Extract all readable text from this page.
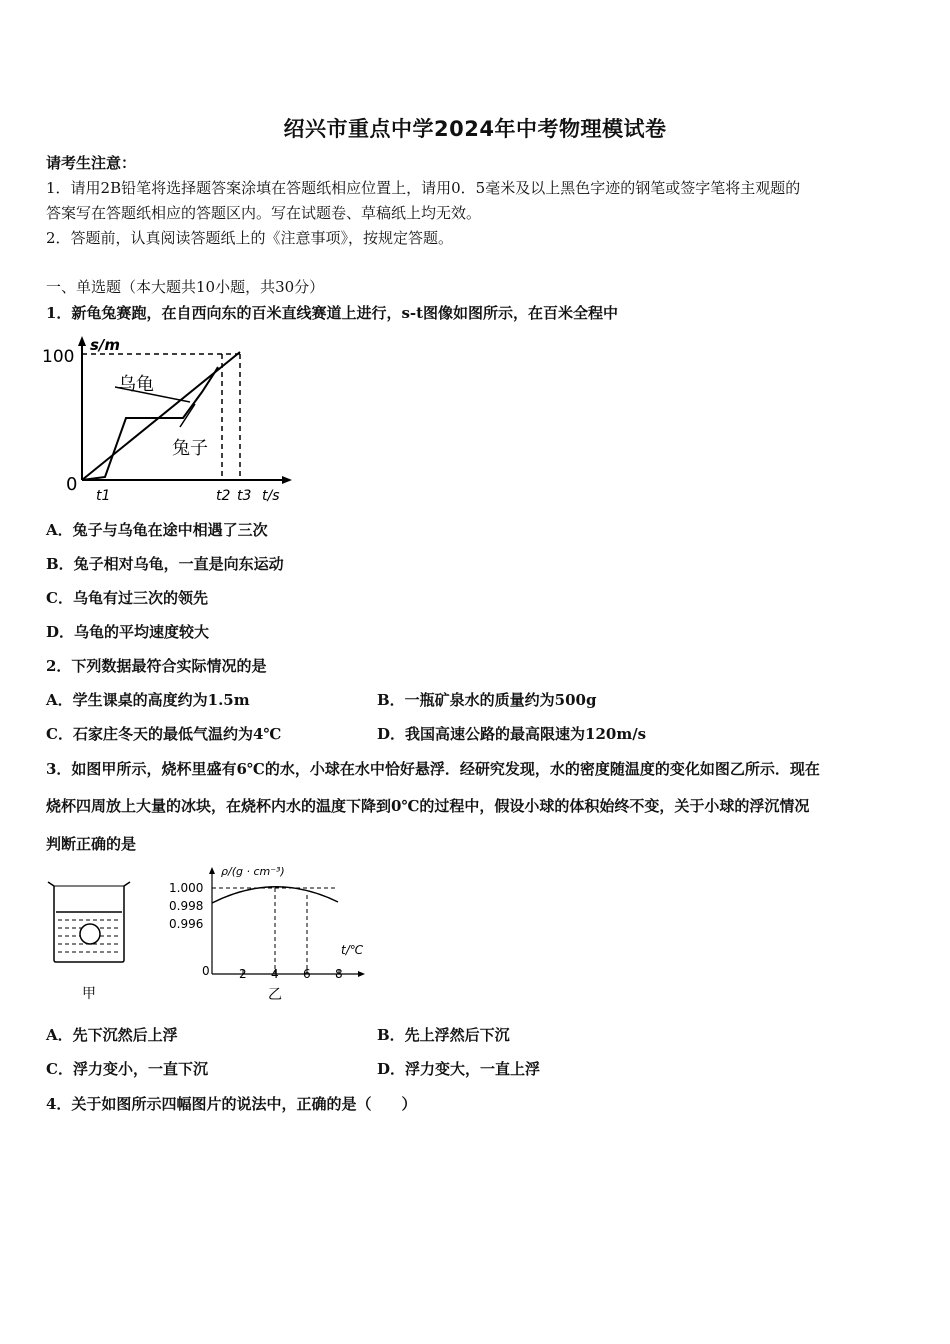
绍兴市重点中学2024年中考物理模试卷
请考生注意：
1．请用2B铅笔将选择题答案涂填在答题纸相应位置上，请用0．5毫米及以上黑色字迹的钢笔或签字笔将主观题的
答案写在答题纸相应的答题区内。写在试题卷、草稿纸上均无效。
2．答题前，认真阅读答题纸上的《注意事项》，按规定答题。
一、单选题（本大题共10小题，共30分）
1．新龟兔赛跑，在自西向东的百米直线赛道上进行，s-t图像如图所示，在百米全程中
s/m
100
0
t1	t2 t3 t/s
乌龟
兔子
A．兔子与乌龟在途中相遇了三次
B．兔子相对乌龟，一直是向东运动
C．乌龟有过三次的领先
D．乌龟的平均速度较大
2．下列数据最符合实际情况的是
A．学生课桌的高度约为1.5m	B．一瓶矿泉水的质量约为500g
C．石家庄冬天的最低气温约为4℃	D．我国高速公路的最高限速为120m/s
3．如图甲所示，烧杯里盛有6℃的水，小球在水中恰好悬浮．经研究发现，水的密度随温度的变化如图乙所示．现在
烧杯四周放上大量的冰块，在烧杯内水的温度下降到0℃的过程中，假设小球的体积始终不变，关于小球的浮沉情况
判断正确的是
甲
ρ/(g · cm⁻³)
1.000
0.998
0.996
t/℃
0 2 4 6 8
乙
A．先下沉然后上浮	B．先上浮然后下沉
C．浮力变小，一直下沉	D．浮力变大，一直上浮
4．关于如图所示四幅图片的说法中，正确的是（　　）
